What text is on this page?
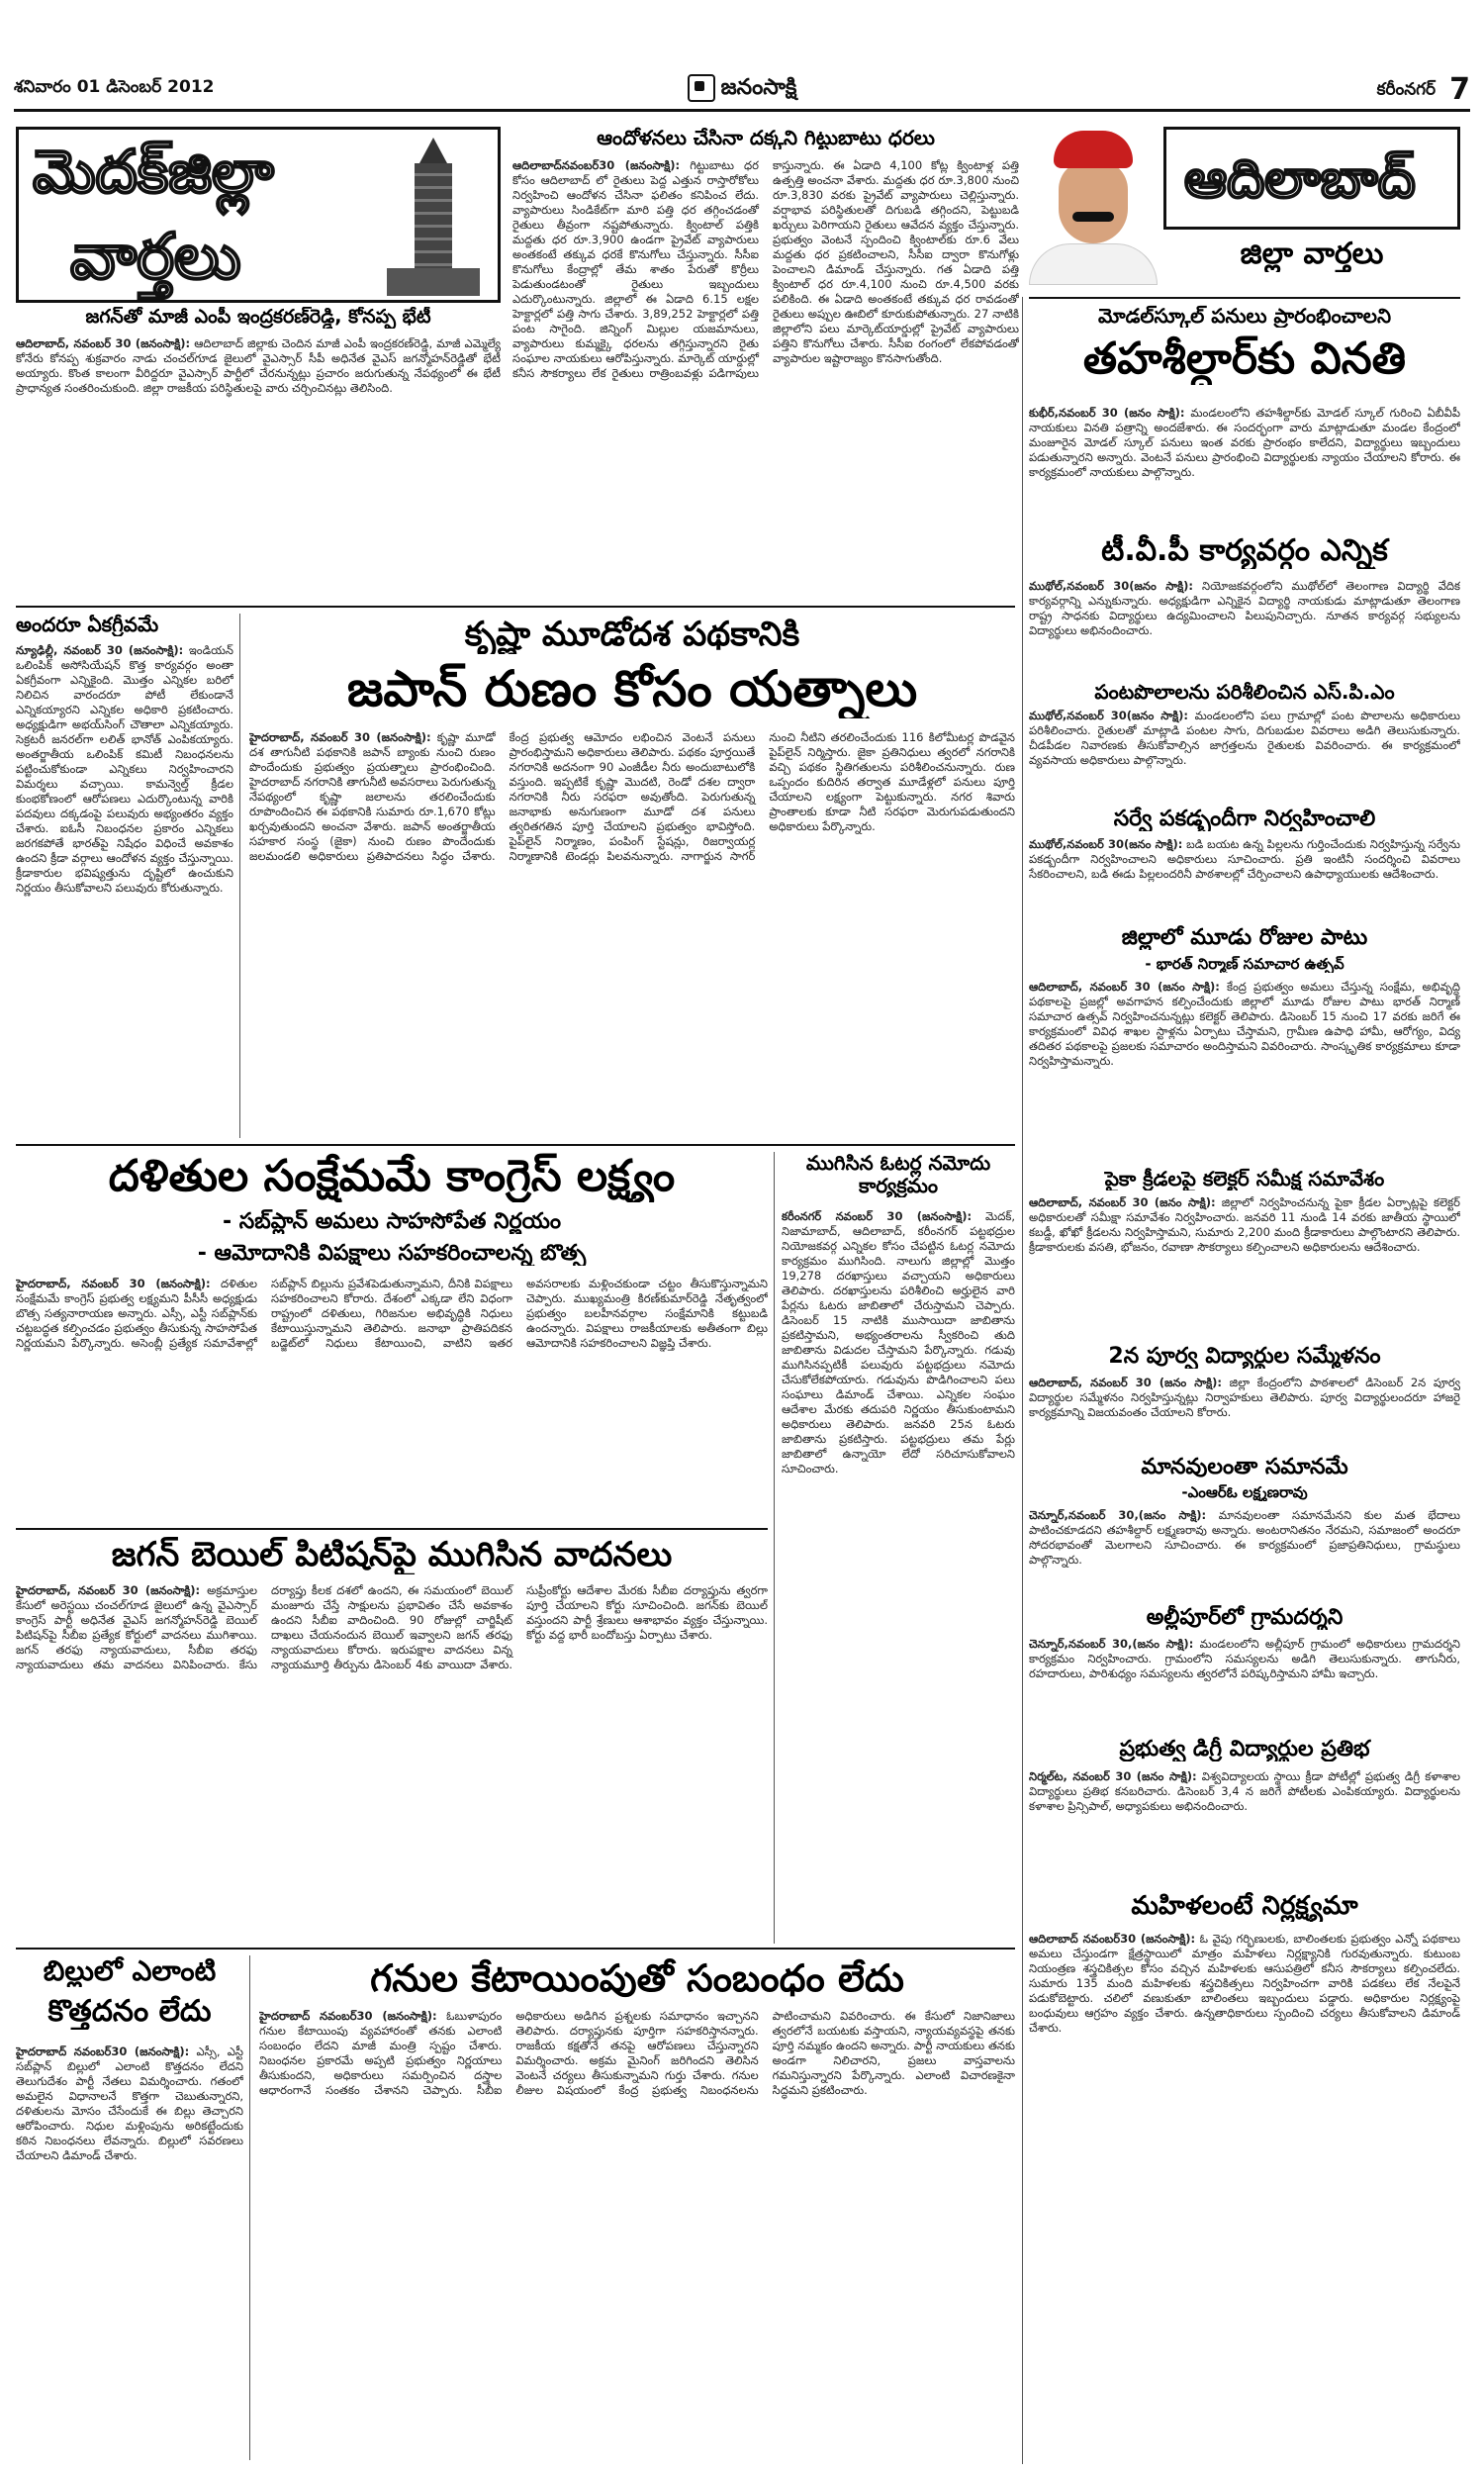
శనివారం 01 డిసెంబర్ 2012	జనంసాక్షి	కరీంనగర్ 7
మెదక్‌జిల్లా
వార్తలు
జగన్‌తో మాజీ ఎంపీ ఇంద్రకరణ్‌రెడ్డి, కోనప్ప భేటీ
ఆదిలాబాద్‌, నవంబర్‌ 30 (జనంసాక్షి): ఆదిలాబాద్‌ జిల్లాకు చెందిన మాజీ ఎంపీ ఇంద్రకరణ్‌రెడ్డి, మాజీ ఎమ్మెల్యే కోనేరు కోనప్ప శుక్రవారం నాడు చంచల్‌గూడ జైలులో వైఎస్సార్‌ సీపీ అధినేత వైఎస్‌ జగన్మోహన్‌రెడ్డితో భేటీ అయ్యారు. కొంత కాలంగా వీరిద్దరూ వైఎస్సార్‌ పార్టీలో చేరనున్నట్లు ప్రచారం జరుగుతున్న నేపథ్యంలో ఈ భేటీ ప్రాధాన్యత సంతరించుకుంది. జిల్లా రాజకీయ పరిస్థితులపై వారు చర్చించినట్లు తెలిసింది.
ఆందోళనలు చేసినా దక్కని గిట్టుబాటు ధరలు
ఆదిలాబాద్‌నవంబర్‌30 (జనంసాక్షి): గిట్టుబాటు ధర కోసం ఆదిలాబాద్‌ లో రైతులు పెద్ద ఎత్తున రాస్తారోకోలు నిర్వహించి ఆందోళన చేసినా ఫలితం కనిపించ లేదు. వ్యాపారులు సిండికేట్‌గా మారి పత్తి ధర తగ్గించడంతో రైతులు తీవ్రంగా నష్టపోతున్నారు. క్వింటాల్‌ పత్తికి మద్దతు ధర రూ.3,900 ఉండగా ప్రైవేట్‌ వ్యాపారులు అంతకంటే తక్కువ ధరకే కొనుగోలు చేస్తున్నారు. సీసీఐ కొనుగోలు కేంద్రాల్లో తేమ శాతం పేరుతో కొర్రీలు పెడుతుండటంతో రైతులు ఇబ్బందులు ఎదుర్కొంటున్నారు. జిల్లాలో ఈ ఏడాది 6.15 లక్షల హెక్టార్లలో పత్తి సాగు చేశారు. 3,89,252 హెక్టార్లలో పత్తి పంట సాగైంది. జిన్నింగ్‌ మిల్లుల యజమానులు, వ్యాపారులు కుమ్మక్కై ధరలను తగ్గిస్తున్నారని రైతు సంఘాల నాయకులు ఆరోపిస్తున్నారు. మార్కెట్‌ యార్డుల్లో కనీస సౌకర్యాలు లేక రైతులు రాత్రింబవళ్లు పడిగాపులు కాస్తున్నారు. ఈ ఏడాది 4,100 కోట్ల క్వింటాళ్ల పత్తి ఉత్పత్తి అంచనా వేశారు. మద్దతు ధర రూ.3,800 నుంచి రూ.3,830 వరకు ప్రైవేట్‌ వ్యాపారులు చెల్లిస్తున్నారు. వర్షాభావ పరిస్థితులతో దిగుబడి తగ్గిందని, పెట్టుబడి ఖర్చులు పెరిగాయని రైతులు ఆవేదన వ్యక్తం చేస్తున్నారు. ప్రభుత్వం వెంటనే స్పందించి క్వింటాల్‌కు రూ.6 వేలు మద్దతు ధర ప్రకటించాలని, సీసీఐ ద్వారా కొనుగోళ్లు పెంచాలని డిమాండ్‌ చేస్తున్నారు. గత ఏడాది పత్తి క్వింటాల్‌ ధర రూ.4,100 నుంచి రూ.4,500 వరకు పలికింది. ఈ ఏడాది అంతకంటే తక్కువ ధర రావడంతో రైతులు అప్పుల ఊబిలో కూరుకుపోతున్నారు. 27 నాటికి జిల్లాలోని పలు మార్కెట్‌యార్డుల్లో ప్రైవేట్‌ వ్యాపారులు పత్తిని కొనుగోలు చేశారు. సీసీఐ రంగంలో లేకపోవడంతో వ్యాపారుల ఇష్టారాజ్యం కొనసాగుతోంది.
ఆదిలాబాద్
జిల్లా వార్తలు
మోడల్‌స్కూల్‌ పనులు ప్రారంభించాలని
తహశీల్దార్‌కు వినతి
కుభీర్‌,నవంబర్‌ 30 (జనం సాక్షి): మండలంలోని తహశీల్దార్‌కు మోడల్‌ స్కూల్‌ గురించి ఏబీవీపీ నాయకులు వినతి పత్రాన్ని అందజేశారు. ఈ సందర్భంగా వారు మాట్లాడుతూ మండల కేంద్రంలో మంజూరైన మోడల్‌ స్కూల్‌ పనులు ఇంత వరకు ప్రారంభం కాలేదని, విద్యార్థులు ఇబ్బందులు పడుతున్నారని అన్నారు. వెంటనే పనులు ప్రారంభించి విద్యార్థులకు న్యాయం చేయాలని కోరారు. ఈ కార్యక్రమంలో నాయకులు పాల్గొన్నారు.
టీ.వీ.పీ కార్యవర్గం ఎన్నిక
ముథోల్‌,నవంబర్‌ 30(జనం సాక్షి): నియోజకవర్గంలోని ముథోల్‌లో తెలంగాణ విద్యార్థి వేదిక కార్యవర్గాన్ని ఎన్నుకున్నారు. అధ్యక్షుడిగా ఎన్నికైన విద్యార్థి నాయకుడు మాట్లాడుతూ తెలంగాణ రాష్ట్ర సాధనకు విద్యార్థులు ఉద్యమించాలని పిలుపునిచ్చారు. నూతన కార్యవర్గ సభ్యులను విద్యార్థులు అభినందించారు.
పంటపొలాలను పరిశీలించిన ఎస్‌.పి.ఎం
ముథోల్‌,నవంబర్‌ 30(జనం సాక్షి): మండలంలోని పలు గ్రామాల్లో పంట పొలాలను అధికారులు పరిశీలించారు. రైతులతో మాట్లాడి పంటల సాగు, దిగుబడుల వివరాలు అడిగి తెలుసుకున్నారు. చీడపీడల నివారణకు తీసుకోవాల్సిన జాగ్రత్తలను రైతులకు వివరించారు. ఈ కార్యక్రమంలో వ్యవసాయ అధికారులు పాల్గొన్నారు.
సర్వే పకడ్బందీగా నిర్వహించాలి
ముథోల్‌,నవంబర్‌ 30(జనం సాక్షి): బడి బయట ఉన్న పిల్లలను గుర్తించేందుకు నిర్వహిస్తున్న సర్వేను పకడ్బందీగా నిర్వహించాలని అధికారులు సూచించారు. ప్రతి ఇంటినీ సందర్శించి వివరాలు సేకరించాలని, బడి ఈడు పిల్లలందరినీ పాఠశాలల్లో చేర్పించాలని ఉపాధ్యాయులకు ఆదేశించారు.
జిల్లాలో మూడు రోజుల పాటు
- భారత్‌ నిర్మాణ్‌ సమాచార ఉత్సవ్‌
ఆదిలాబాద్‌, నవంబర్‌ 30 (జనం సాక్షి): కేంద్ర ప్రభుత్వం అమలు చేస్తున్న సంక్షేమ, అభివృద్ధి పథకాలపై ప్రజల్లో అవగాహన కల్పించేందుకు జిల్లాలో మూడు రోజుల పాటు భారత్‌ నిర్మాణ్‌ సమాచార ఉత్సవ్‌ నిర్వహించనున్నట్లు కలెక్టర్‌ తెలిపారు. డిసెంబర్‌ 15 నుంచి 17 వరకు జరిగే ఈ కార్యక్రమంలో వివిధ శాఖల స్టాళ్లను ఏర్పాటు చేస్తామని, గ్రామీణ ఉపాధి హామీ, ఆరోగ్యం, విద్య తదితర పథకాలపై ప్రజలకు సమాచారం అందిస్తామని వివరించారు. సాంస్కృతిక కార్యక్రమాలు కూడా నిర్వహిస్తామన్నారు.
పైకా క్రీడలపై కలెక్టర్‌ సమీక్ష సమావేశం
ఆదిలాబాద్‌, నవంబర్‌ 30 (జనం సాక్షి): జిల్లాలో నిర్వహించనున్న పైకా క్రీడల ఏర్పాట్లపై కలెక్టర్‌ అధికారులతో సమీక్షా సమావేశం నిర్వహించారు. జనవరి 11 నుండి 14 వరకు జాతీయ స్థాయిలో కబడ్డీ, ఖోఖో క్రీడలను నిర్వహిస్తామని, సుమారు 2,200 మంది క్రీడాకారులు పాల్గొంటారని తెలిపారు. క్రీడాకారులకు వసతి, భోజనం, రవాణా సౌకర్యాలు కల్పించాలని అధికారులను ఆదేశించారు.
2న పూర్వ విద్యార్థుల సమ్మేళనం
ఆదిలాబాద్‌, నవంబర్‌ 30 (జనం సాక్షి): జిల్లా కేంద్రంలోని పాఠశాలలో డిసెంబర్‌ 2న పూర్వ విద్యార్థుల సమ్మేళనం నిర్వహిస్తున్నట్లు నిర్వాహకులు తెలిపారు. పూర్వ విద్యార్థులందరూ హాజరై కార్యక్రమాన్ని విజయవంతం చేయాలని కోరారు.
మానవులంతా సమానమే
-ఎంఆర్‌ఓ లక్ష్మణరావు
చెన్నూర్‌,నవంబర్‌ 30,(జనం సాక్షి): మానవులంతా సమానమేనని కుల మత భేదాలు పాటించకూడదని తహశీల్దార్‌ లక్ష్మణరావు అన్నారు. అంటరానితనం నేరమని, సమాజంలో అందరూ సోదరభావంతో మెలగాలని సూచించారు. ఈ కార్యక్రమంలో ప్రజాప్రతినిధులు, గ్రామస్థులు పాల్గొన్నారు.
అల్లీపూర్‌లో గ్రామదర్శని
చెన్నూర్‌,నవంబర్‌ 30,(జనం సాక్షి): మండలంలోని అల్లీపూర్‌ గ్రామంలో అధికారులు గ్రామదర్శని కార్యక్రమం నిర్వహించారు. గ్రామంలోని సమస్యలను అడిగి తెలుసుకున్నారు. తాగునీరు, రహదారులు, పారిశుధ్యం సమస్యలను త్వరలోనే పరిష్కరిస్తామని హామీ ఇచ్చారు.
ప్రభుత్వ డిగ్రీ విద్యార్థుల ప్రతిభ
నిర్మల్‌ట, నవంబర్‌ 30 (జనం సాక్షి): విశ్వవిద్యాలయ స్థాయి క్రీడా పోటీల్లో ప్రభుత్వ డిగ్రీ కళాశాల విద్యార్థులు ప్రతిభ కనబరిచారు. డిసెంబర్‌ 3,4 న జరిగే పోటీలకు ఎంపికయ్యారు. విద్యార్థులను కళాశాల ప్రిన్సిపాల్‌, అధ్యాపకులు అభినందించారు.
మహిళలంటే నిర్లక్ష్యమా
ఆదిలాబాద్‌ నవంబర్‌30 (జనంసాక్షి): ఓ వైపు గర్భిణులకు, బాలింతలకు ప్రభుత్వం ఎన్నో పథకాలు అమలు చేస్తుండగా క్షేత్రస్థాయిలో మాత్రం మహిళలు నిర్లక్ష్యానికి గురవుతున్నారు. కుటుంబ నియంత్రణ శస్త్రచికిత్సల కోసం వచ్చిన మహిళలకు ఆసుపత్రిలో కనీస సౌకర్యాలు కల్పించలేదు. సుమారు 135 మంది మహిళలకు శస్త్రచికిత్సలు నిర్వహించగా వారికి పడకలు లేక నేలపైనే పడుకోబెట్టారు. చలిలో వణుకుతూ బాలింతలు ఇబ్బందులు పడ్డారు. అధికారుల నిర్లక్ష్యంపై బంధువులు ఆగ్రహం వ్యక్తం చేశారు. ఉన్నతాధికారులు స్పందించి చర్యలు తీసుకోవాలని డిమాండ్‌ చేశారు.
అందరూ ఏకగ్రీవమే
న్యూఢిల్లీ, నవంబర్‌ 30 (జనంసాక్షి): ఇండియన్‌ ఒలింపిక్‌ అసోసియేషన్‌ కొత్త కార్యవర్గం అంతా ఏకగ్రీవంగా ఎన్నికైంది. మొత్తం ఎన్నికల బరిలో నిలిచిన వారందరూ పోటీ లేకుండానే ఎన్నికయ్యారని ఎన్నికల అధికారి ప్రకటించారు. అధ్యక్షుడిగా అభయ్‌సింగ్‌ చౌతాలా ఎన్నికయ్యారు. సెక్రటరీ జనరల్‌గా లలిత్‌ భానోత్‌ ఎంపికయ్యారు. అంతర్జాతీయ ఒలింపిక్‌ కమిటీ నిబంధనలను పట్టించుకోకుండా ఎన్నికలు నిర్వహించారని విమర్శలు వచ్చాయి. కామన్వెల్త్‌ క్రీడల కుంభకోణంలో ఆరోపణలు ఎదుర్కొంటున్న వారికి పదవులు దక్కడంపై పలువురు అభ్యంతరం వ్యక్తం చేశారు. ఐఓసీ నిబంధనల ప్రకారం ఎన్నికలు జరగకపోతే భారత్‌పై నిషేధం విధించే అవకాశం ఉందని క్రీడా వర్గాలు ఆందోళన వ్యక్తం చేస్తున్నాయి. క్రీడాకారుల భవిష్యత్తును దృష్టిలో ఉంచుకుని నిర్ణయం తీసుకోవాలని పలువురు కోరుతున్నారు.
కృష్ణా మూడోదశ పథకానికి
జపాన్‌ రుణం కోసం యత్నాలు
హైదరాబాద్‌, నవంబర్‌ 30 (జనంసాక్షి): కృష్ణా మూడో దశ తాగునీటి పథకానికి జపాన్‌ బ్యాంకు నుంచి రుణం పొందేందుకు ప్రభుత్వం ప్రయత్నాలు ప్రారంభించింది. హైదరాబాద్‌ నగరానికి తాగునీటి అవసరాలు పెరుగుతున్న నేపథ్యంలో కృష్ణా జలాలను తరలించేందుకు రూపొందించిన ఈ పథకానికి సుమారు రూ.1,670 కోట్లు ఖర్చవుతుందని అంచనా వేశారు. జపాన్‌ అంతర్జాతీయ సహకార సంస్థ (జైకా) నుంచి రుణం పొందేందుకు జలమండలి అధికారులు ప్రతిపాదనలు సిద్ధం చేశారు. కేంద్ర ప్రభుత్వ ఆమోదం లభించిన వెంటనే పనులు ప్రారంభిస్తామని అధికారులు తెలిపారు. పథకం పూర్తయితే నగరానికి అదనంగా 90 ఎంజీడీల నీరు అందుబాటులోకి వస్తుంది. ఇప్పటికే కృష్ణా మొదటి, రెండో దశల ద్వారా నగరానికి నీరు సరఫరా అవుతోంది. పెరుగుతున్న జనాభాకు అనుగుణంగా మూడో దశ పనులు త్వరితగతిన పూర్తి చేయాలని ప్రభుత్వం భావిస్తోంది. పైప్‌లైన్‌ నిర్మాణం, పంపింగ్‌ స్టేషన్లు, రిజర్వాయర్ల నిర్మాణానికి టెండర్లు పిలవనున్నారు. నాగార్జున సాగర్‌ నుంచి నీటిని తరలించేందుకు 116 కిలోమీటర్ల పొడవైన పైప్‌లైన్‌ నిర్మిస్తారు. జైకా ప్రతినిధులు త్వరలో నగరానికి వచ్చి పథకం స్థితిగతులను పరిశీలించనున్నారు. రుణ ఒప్పందం కుదిరిన తర్వాత మూడేళ్లలో పనులు పూర్తి చేయాలని లక్ష్యంగా పెట్టుకున్నారు. నగర శివారు ప్రాంతాలకు కూడా నీటి సరఫరా మెరుగుపడుతుందని అధికారులు పేర్కొన్నారు.
దళితుల సంక్షేమమే కాంగ్రెస్‌ లక్ష్యం
- సబ్‌ప్లాన్‌ అమలు సాహసోపేత నిర్ణయం
- ఆమోదానికి విపక్షాలు సహకరించాలన్న బొత్స
హైదరాబాద్‌, నవంబర్‌ 30 (జనంసాక్షి): దళితుల సంక్షేమమే కాంగ్రెస్‌ ప్రభుత్వ లక్ష్యమని పీసీసీ అధ్యక్షుడు బొత్స సత్యనారాయణ అన్నారు. ఎస్సీ, ఎస్టీ సబ్‌ప్లాన్‌కు చట్టబద్ధత కల్పించడం ప్రభుత్వం తీసుకున్న సాహసోపేత నిర్ణయమని పేర్కొన్నారు. అసెంబ్లీ ప్రత్యేక సమావేశాల్లో సబ్‌ప్లాన్‌ బిల్లును ప్రవేశపెడుతున్నామని, దీనికి విపక్షాలు సహకరించాలని కోరారు. దేశంలో ఎక్కడా లేని విధంగా రాష్ట్రంలో దళితులు, గిరిజనుల అభివృద్ధికి నిధులు కేటాయిస్తున్నామని తెలిపారు. జనాభా ప్రాతిపదికన బడ్జెట్‌లో నిధులు కేటాయించి, వాటిని ఇతర అవసరాలకు మళ్లించకుండా చట్టం తీసుకొస్తున్నామని చెప్పారు. ముఖ్యమంత్రి కిరణ్‌కుమార్‌రెడ్డి నేతృత్వంలో ప్రభుత్వం బలహీనవర్గాల సంక్షేమానికి కట్టుబడి ఉందన్నారు. విపక్షాలు రాజకీయాలకు అతీతంగా బిల్లు ఆమోదానికి సహకరించాలని విజ్ఞప్తి చేశారు.
ముగిసిన ఓటర్ల నమోదు కార్యక్రమం
కరీంనగర్‌ నవంబర్‌ 30 (జనంసాక్షి): మెదక్‌, నిజామాబాద్‌, ఆదిలాబాద్‌, కరీంనగర్‌ పట్టభద్రుల నియోజకవర్గ ఎన్నికల కోసం చేపట్టిన ఓటర్ల నమోదు కార్యక్రమం ముగిసింది. నాలుగు జిల్లాల్లో మొత్తం 19,278 దరఖాస్తులు వచ్చాయని అధికారులు తెలిపారు. దరఖాస్తులను పరిశీలించి అర్హులైన వారి పేర్లను ఓటరు జాబితాలో చేరుస్తామని చెప్పారు. డిసెంబర్‌ 15 నాటికి ముసాయిదా జాబితాను ప్రకటిస్తామని, అభ్యంతరాలను స్వీకరించి తుది జాబితాను విడుదల చేస్తామని పేర్కొన్నారు. గడువు ముగిసినప్పటికీ పలువురు పట్టభద్రులు నమోదు చేసుకోలేకపోయారు. గడువును పొడిగించాలని పలు సంఘాలు డిమాండ్‌ చేశాయి. ఎన్నికల సంఘం ఆదేశాల మేరకు తదుపరి నిర్ణయం తీసుకుంటామని అధికారులు తెలిపారు. జనవరి 25న ఓటరు జాబితాను ప్రకటిస్తారు. పట్టభద్రులు తమ పేర్లు జాబితాలో ఉన్నాయో లేదో సరిచూసుకోవాలని సూచించారు.
జగన్‌ బెయిల్‌ పిటిషన్‌పై ముగిసిన వాదనలు
హైదరాబాద్‌, నవంబర్‌ 30 (జనంసాక్షి): అక్రమాస్తుల కేసులో అరెస్టయి చంచల్‌గూడ జైలులో ఉన్న వైఎస్సార్‌ కాంగ్రెస్‌ పార్టీ అధినేత వైఎస్‌ జగన్మోహన్‌రెడ్డి బెయిల్‌ పిటిషన్‌పై సీబీఐ ప్రత్యేక కోర్టులో వాదనలు ముగిశాయి. జగన్‌ తరఫు న్యాయవాదులు, సీబీఐ తరఫు న్యాయవాదులు తమ వాదనలు వినిపించారు. కేసు దర్యాప్తు కీలక దశలో ఉందని, ఈ సమయంలో బెయిల్‌ మంజూరు చేస్తే సాక్షులను ప్రభావితం చేసే అవకాశం ఉందని సీబీఐ వాదించింది. 90 రోజుల్లో చార్జిషీట్‌ దాఖలు చేయనందున బెయిల్‌ ఇవ్వాలని జగన్‌ తరఫు న్యాయవాదులు కోరారు. ఇరుపక్షాల వాదనలు విన్న న్యాయమూర్తి తీర్పును డిసెంబర్‌ 4కు వాయిదా వేశారు. సుప్రీంకోర్టు ఆదేశాల మేరకు సీబీఐ దర్యాప్తును త్వరగా పూర్తి చేయాలని కోర్టు సూచించింది. జగన్‌కు బెయిల్‌ వస్తుందని పార్టీ శ్రేణులు ఆశాభావం వ్యక్తం చేస్తున్నాయి. కోర్టు వద్ద భారీ బందోబస్తు ఏర్పాటు చేశారు.
బిల్లులో ఎలాంటి
కొత్తదనం లేదు
హైదరాబాద్‌ నవంబర్‌30 (జనంసాక్షి): ఎస్సీ, ఎస్టీ సబ్‌ప్లాన్‌ బిల్లులో ఎలాంటి కొత్తదనం లేదని తెలుగుదేశం పార్టీ నేతలు విమర్శించారు. గతంలో అమలైన విధానాలనే కొత్తగా చెబుతున్నారని, దళితులను మోసం చేసేందుకే ఈ బిల్లు తెచ్చారని ఆరోపించారు. నిధుల మళ్లింపును అరికట్టేందుకు కఠిన నిబంధనలు లేవన్నారు. బిల్లులో సవరణలు చేయాలని డిమాండ్‌ చేశారు.
గనుల కేటాయింపుతో సంబంధం లేదు
హైదరాబాద్‌ నవంబర్‌30 (జనంసాక్షి): ఓబుళాపురం గనుల కేటాయింపు వ్యవహారంతో తనకు ఎలాంటి సంబంధం లేదని మాజీ మంత్రి స్పష్టం చేశారు. నిబంధనల ప్రకారమే అప్పటి ప్రభుత్వం నిర్ణయాలు తీసుకుందని, అధికారులు సమర్పించిన దస్త్రాల ఆధారంగానే సంతకం చేశానని చెప్పారు. సీబీఐ అధికారులు అడిగిన ప్రశ్నలకు సమాధానం ఇచ్చానని తెలిపారు. దర్యాప్తునకు పూర్తిగా సహకరిస్తానన్నారు. రాజకీయ కక్షతోనే తనపై ఆరోపణలు చేస్తున్నారని విమర్శించారు. అక్రమ మైనింగ్‌ జరిగిందని తెలిసిన వెంటనే చర్యలు తీసుకున్నామని గుర్తు చేశారు. గనుల లీజుల విషయంలో కేంద్ర ప్రభుత్వ నిబంధనలను పాటించామని వివరించారు. ఈ కేసులో నిజానిజాలు త్వరలోనే బయటకు వస్తాయని, న్యాయవ్యవస్థపై తనకు పూర్తి నమ్మకం ఉందని అన్నారు. పార్టీ నాయకులు తనకు అండగా నిలిచారని, ప్రజలు వాస్తవాలను గమనిస్తున్నారని పేర్కొన్నారు. ఎలాంటి విచారణకైనా సిద్ధమని ప్రకటించారు.
